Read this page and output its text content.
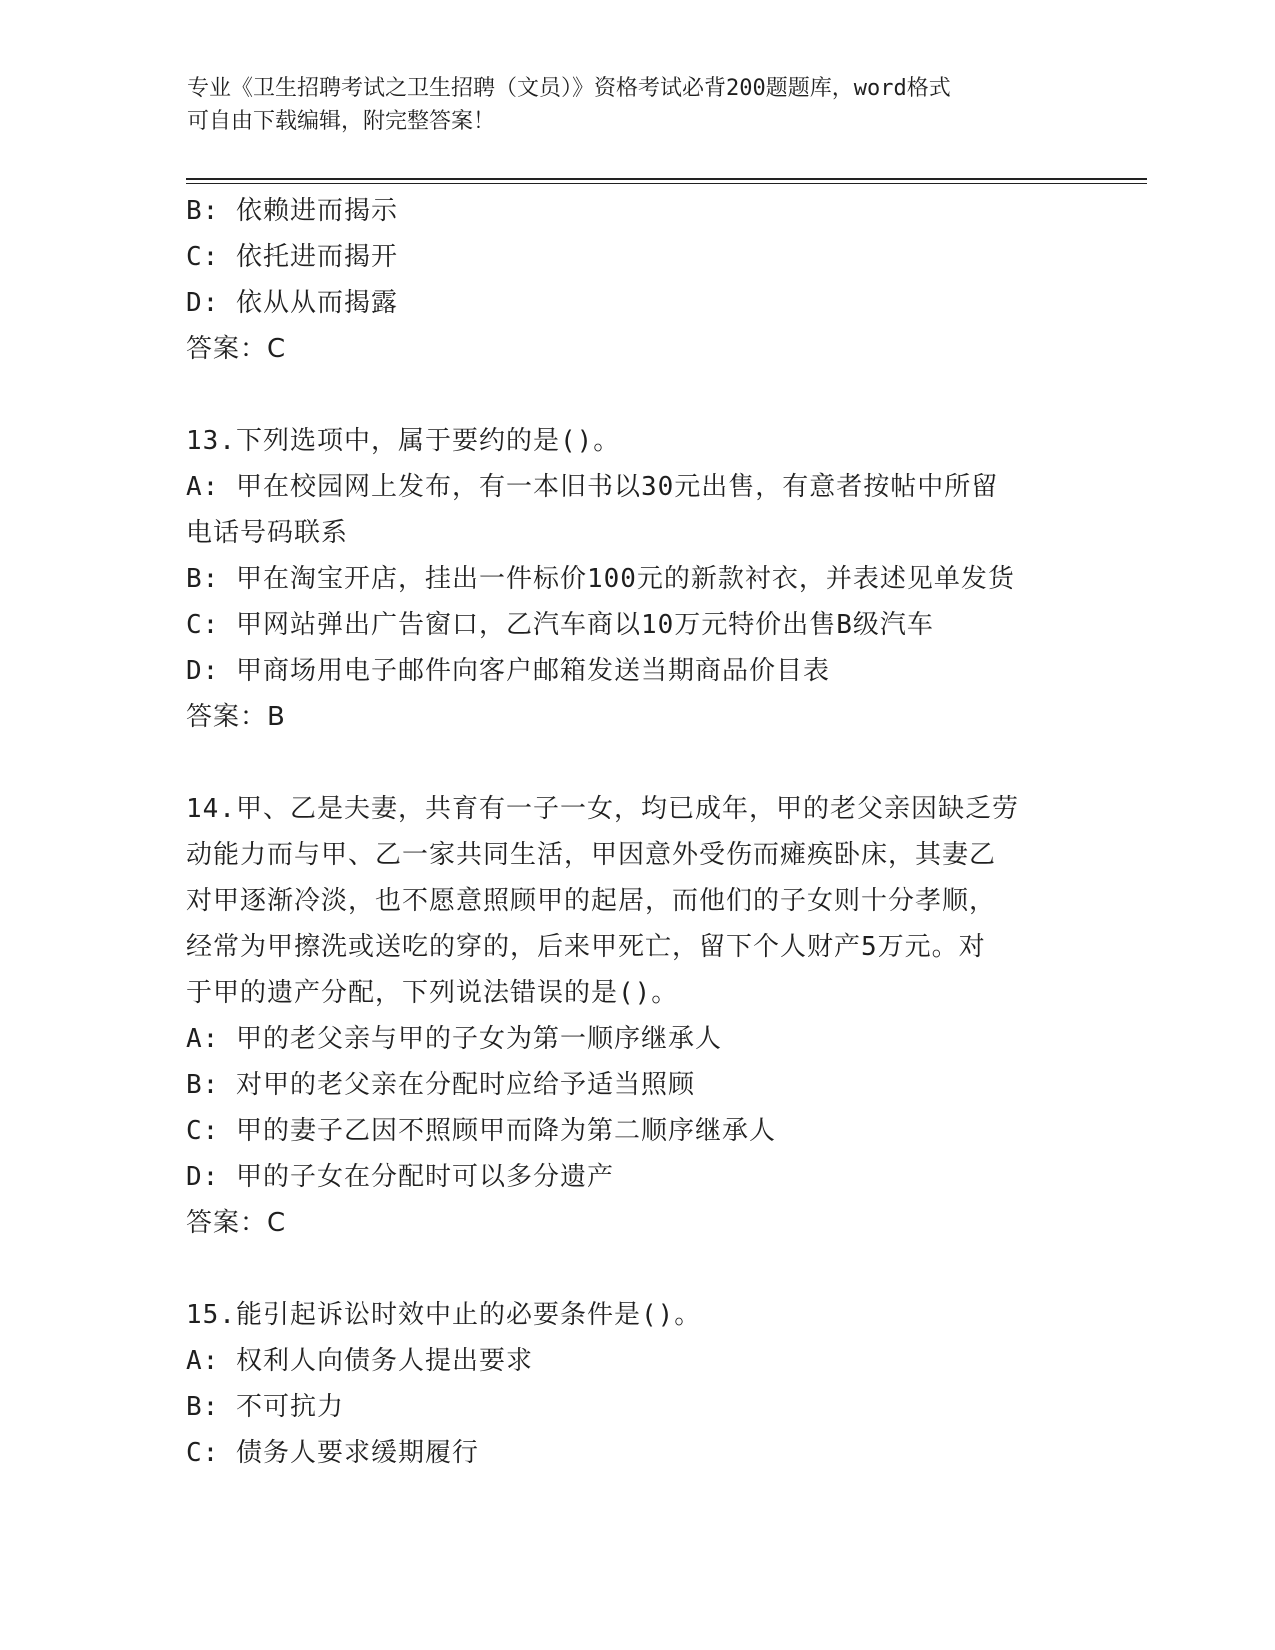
专业《卫生招聘考试之卫生招聘（文员）》资格考试必背200题题库，word格式
可自由下载编辑，附完整答案！
B: 依赖进而揭示
C: 依托进而揭开
D: 依从从而揭露
答案：C
13.下列选项中，属于要约的是()。
A: 甲在校园网上发布，有一本旧书以30元出售，有意者按帖中所留
电话号码联系
B: 甲在淘宝开店，挂出一件标价100元的新款衬衣，并表述见单发货
C: 甲网站弹出广告窗口，乙汽车商以10万元特价出售B级汽车
D: 甲商场用电子邮件向客户邮箱发送当期商品价目表
答案：B
14.甲、乙是夫妻，共育有一子一女，均已成年，甲的老父亲因缺乏劳
动能力而与甲、乙一家共同生活，甲因意外受伤而瘫痪卧床，其妻乙
对甲逐渐冷淡，也不愿意照顾甲的起居，而他们的子女则十分孝顺，
经常为甲擦洗或送吃的穿的，后来甲死亡，留下个人财产5万元。对
于甲的遗产分配，下列说法错误的是()。
A: 甲的老父亲与甲的子女为第一顺序继承人
B: 对甲的老父亲在分配时应给予适当照顾
C: 甲的妻子乙因不照顾甲而降为第二顺序继承人
D: 甲的子女在分配时可以多分遗产
答案：C
15.能引起诉讼时效中止的必要条件是()。
A: 权利人向债务人提出要求
B: 不可抗力
C: 债务人要求缓期履行
